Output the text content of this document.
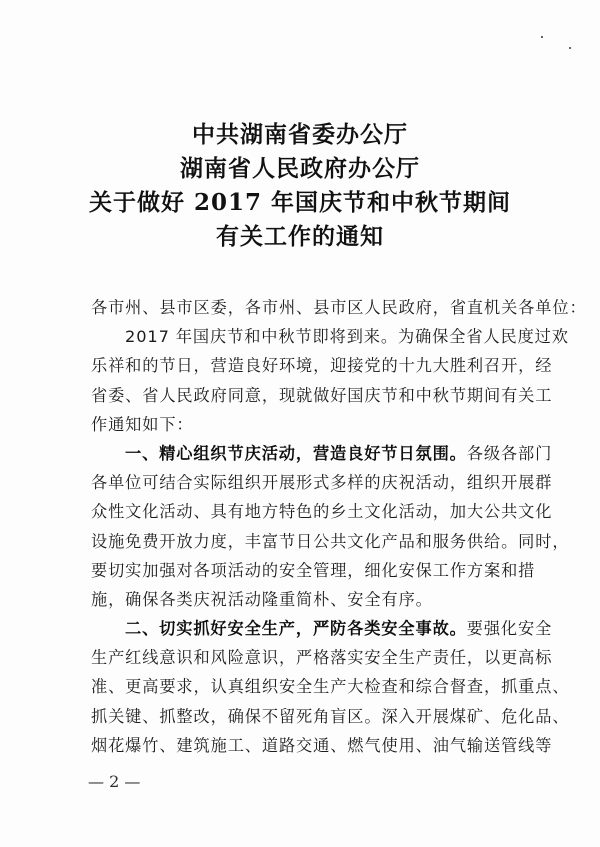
中共湖南省委办公厅
湖南省人民政府办公厅
关于做好 2017 年国庆节和中秋节期间
有关工作的通知
各市州、县市区委，各市州、县市区人民政府，省直机关各单位：
2017 年国庆节和中秋节即将到来。为确保全省人民度过欢
乐祥和的节日，营造良好环境，迎接党的十九大胜利召开，经
省委、省人民政府同意，现就做好国庆节和中秋节期间有关工
作通知如下：
一、精心组织节庆活动，营造良好节日氛围。各级各部门
各单位可结合实际组织开展形式多样的庆祝活动，组织开展群
众性文化活动、具有地方特色的乡土文化活动，加大公共文化
设施免费开放力度，丰富节日公共文化产品和服务供给。同时，
要切实加强对各项活动的安全管理，细化安保工作方案和措
施，确保各类庆祝活动隆重简朴、安全有序。
二、切实抓好安全生产，严防各类安全事故。要强化安全
生产红线意识和风险意识，严格落实安全生产责任，以更高标
准、更高要求，认真组织安全生产大检查和综合督查，抓重点、
抓关键、抓整改，确保不留死角盲区。深入开展煤矿、危化品、
烟花爆竹、建筑施工、道路交通、燃气使用、油气输送管线等
— 2 —
